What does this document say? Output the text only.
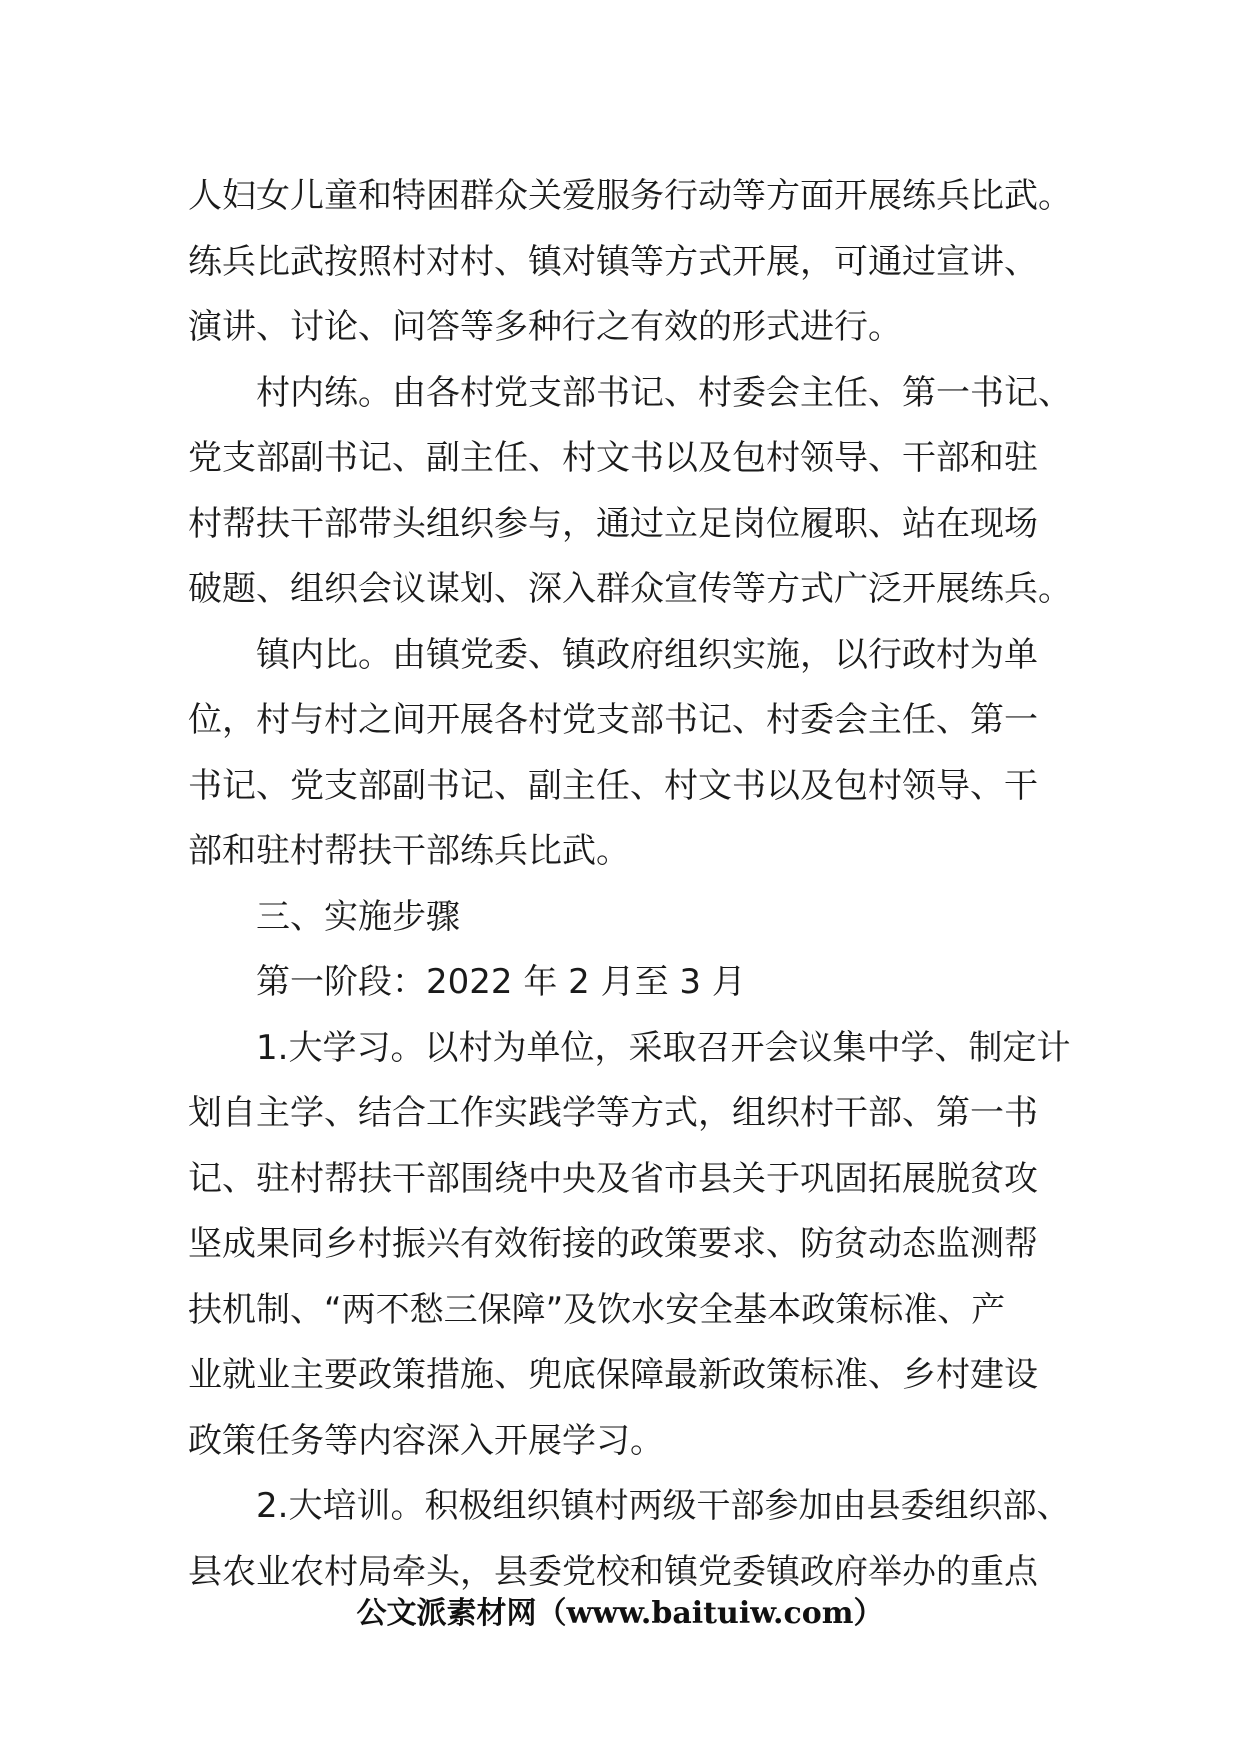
人妇女儿童和特困群众关爱服务行动等方面开展练兵比武。
练兵比武按照村对村、镇对镇等方式开展，可通过宣讲、
演讲、讨论、问答等多种行之有效的形式进行。
村内练。由各村党支部书记、村委会主任、第一书记、
党支部副书记、副主任、村文书以及包村领导、干部和驻
村帮扶干部带头组织参与，通过立足岗位履职、站在现场
破题、组织会议谋划、深入群众宣传等方式广泛开展练兵。
镇内比。由镇党委、镇政府组织实施，以行政村为单
位，村与村之间开展各村党支部书记、村委会主任、第一
书记、党支部副书记、副主任、村文书以及包村领导、干
部和驻村帮扶干部练兵比武。
三、实施步骤
第一阶段：2022 年 2 月至 3 月
1.大学习。以村为单位，采取召开会议集中学、制定计
划自主学、结合工作实践学等方式，组织村干部、第一书
记、驻村帮扶干部围绕中央及省市县关于巩固拓展脱贫攻
坚成果同乡村振兴有效衔接的政策要求、防贫动态监测帮
扶机制、“两不愁三保障”及饮水安全基本政策标准、产
业就业主要政策措施、兜底保障最新政策标准、乡村建设
政策任务等内容深入开展学习。
2.大培训。积极组织镇村两级干部参加由县委组织部、
县农业农村局牵头，县委党校和镇党委镇政府举办的重点
公文派素材网（www.baituiw.com）
